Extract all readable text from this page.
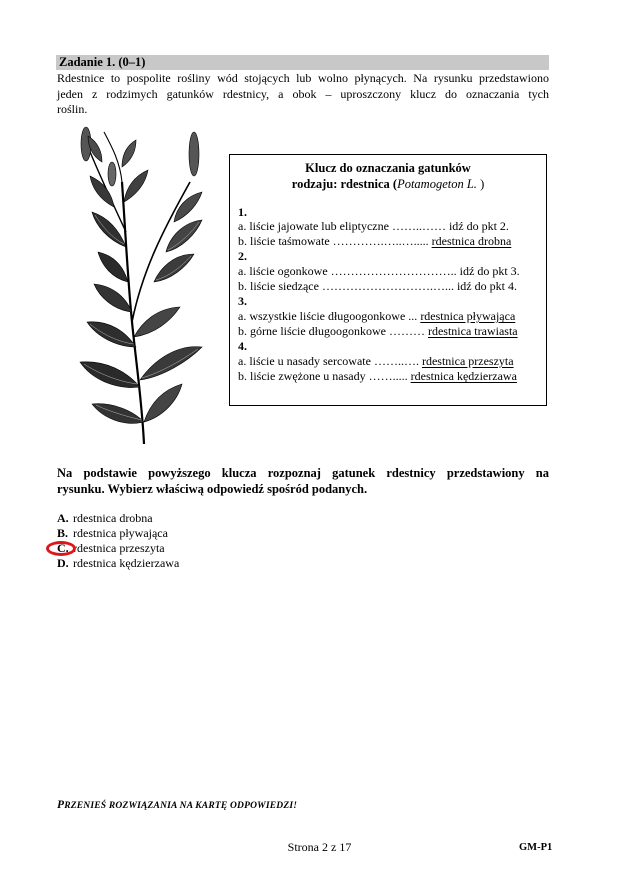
Zadanie 1. (0–1)
Rdestnice to pospolite rośliny wód stojących lub wolno płynących. Na rysunku przedstawiono
jeden z rodzimych gatunków rdestnicy, a obok – uproszczony klucz do oznaczania tych
roślin.
Klucz do oznaczania gatunków
rodzaju: rdestnica (Potamogeton L. )
1.
a. liście jajowate lub eliptyczne ……..…… idź do pkt 2.
b. liście taśmowate ………….…..…..... rdestnica drobna
2.
a. liście ogonkowe ………………………….. idź do pkt 3.
b. liście siedzące ……………………….…... idź do pkt 4.
3.
a. wszystkie liście długoogonkowe ... rdestnica pływająca
b. górne liście długoogonkowe ……… rdestnica trawiasta
4.
a. liście u nasady sercowate ……..…. rdestnica przeszyta
b. liście zwężone u nasady ……..... rdestnica kędzierzawa
Na podstawie powyższego klucza rozpoznaj gatunek rdestnicy przedstawiony na
rysunku. Wybierz właściwą odpowiedź spośród podanych.
A. rdestnica drobna
B. rdestnica pływająca
C. rdestnica przeszyta
D. rdestnica kędzierzawa
PRZENIEŚ ROZWIĄZANIA NA KARTĘ ODPOWIEDZI!
Strona 2 z 17	GM-P1
